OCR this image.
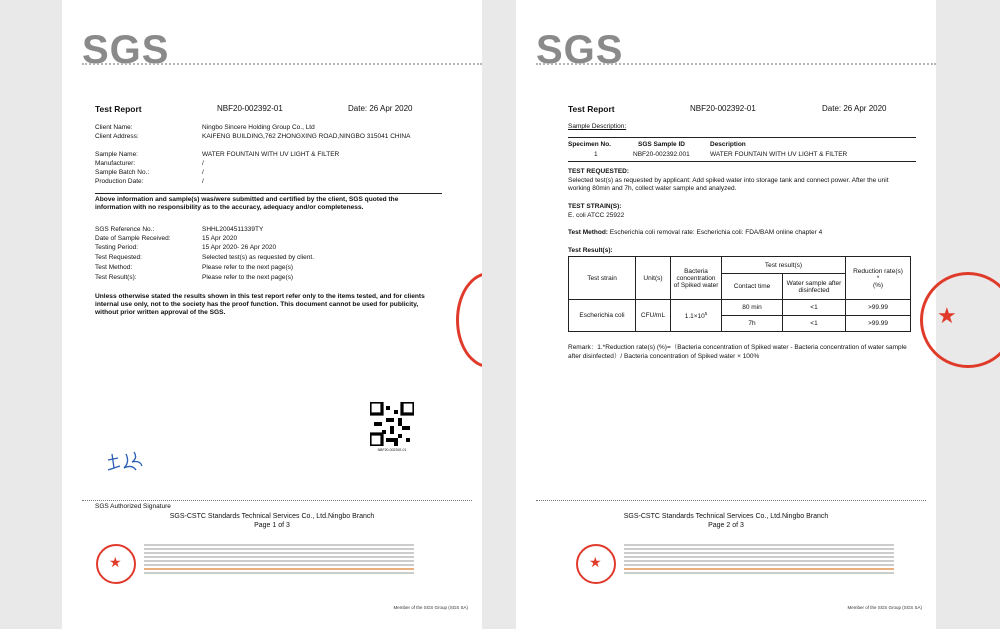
SGS
Test Report	NBF20-002392-01	Date: 26 Apr 2020
Client Name:	Ningbo Sincere Holding Group Co., Ltd
Client Address:	KAIFENG BUILDING,762 ZHONGXING ROAD,NINGBO 315041 CHINA
Sample Name:	WATER FOUNTAIN WITH UV LIGHT & FILTER
Manufacturer:	/
Sample Batch No.:	/
Production Date:	/
Above information and sample(s) was/were submitted and certified by the client, SGS quoted the information with no responsibility as to the accuracy, adequacy and/or completeness.
SGS Reference No.:	SHHL2004511339TY
Date of Sample Received:	15 Apr 2020
Testing Period:	15 Apr 2020- 26 Apr 2020
Test Requested:	Selected test(s) as requested by client.
Test Method:	Please refer to the next page(s)
Test Result(s):	Please refer to the next page(s)
Unless otherwise stated the results shown in this test report refer only to the items tested, and for clients internal use only, not to the society has the proof function. This document cannot be used for publicity, without prior written approval of the SGS.
NBF20-002392-01
SGS Authorized Signature
SGS-CSTC Standards Technical Services Co., Ltd.Ningbo Branch
Page 1 of 3
★
Member of the SGS Group (SGS SA)
SGS
Test Report	NBF20-002392-01	Date: 26 Apr 2020
Sample Description:
Specimen No.	SGS Sample ID	Description
1	NBF20-002392.001	WATER FOUNTAIN WITH UV LIGHT & FILTER
TEST REQUESTED:
Selected test(s) as requested by applicant: Add spiked water into storage tank and connect power. After the unit working 80min and 7h, collect water sample and analyzed.
TEST STRAIN(S):
E. coli ATCC 25922
Test Method: Escherichia coli removal rate: Escherichia coli: FDA/BAM online chapter 4
Test Result(s):
Test strain	Unit(s)	Bacteria concentration of Spiked water	Test result(s)		Reduction rate(s)
*
(%)

			Contact time	Water sample after disinfected	
Escherichia coli	CFU/mL	$1.1\times 10^5$	80 min	<1	>99.99
			7h	<1	>99.99
Remark：1.*Reduction rate(s) (%)=（Bacteria concentration of Spiked water - Bacteria concentration of water sample after disinfected）/ Bacteria concentration of Spiked water × 100%
SGS-CSTC Standards Technical Services Co., Ltd.Ningbo Branch
Page 2 of 3
★
Member of the SGS Group (SGS SA)
★
